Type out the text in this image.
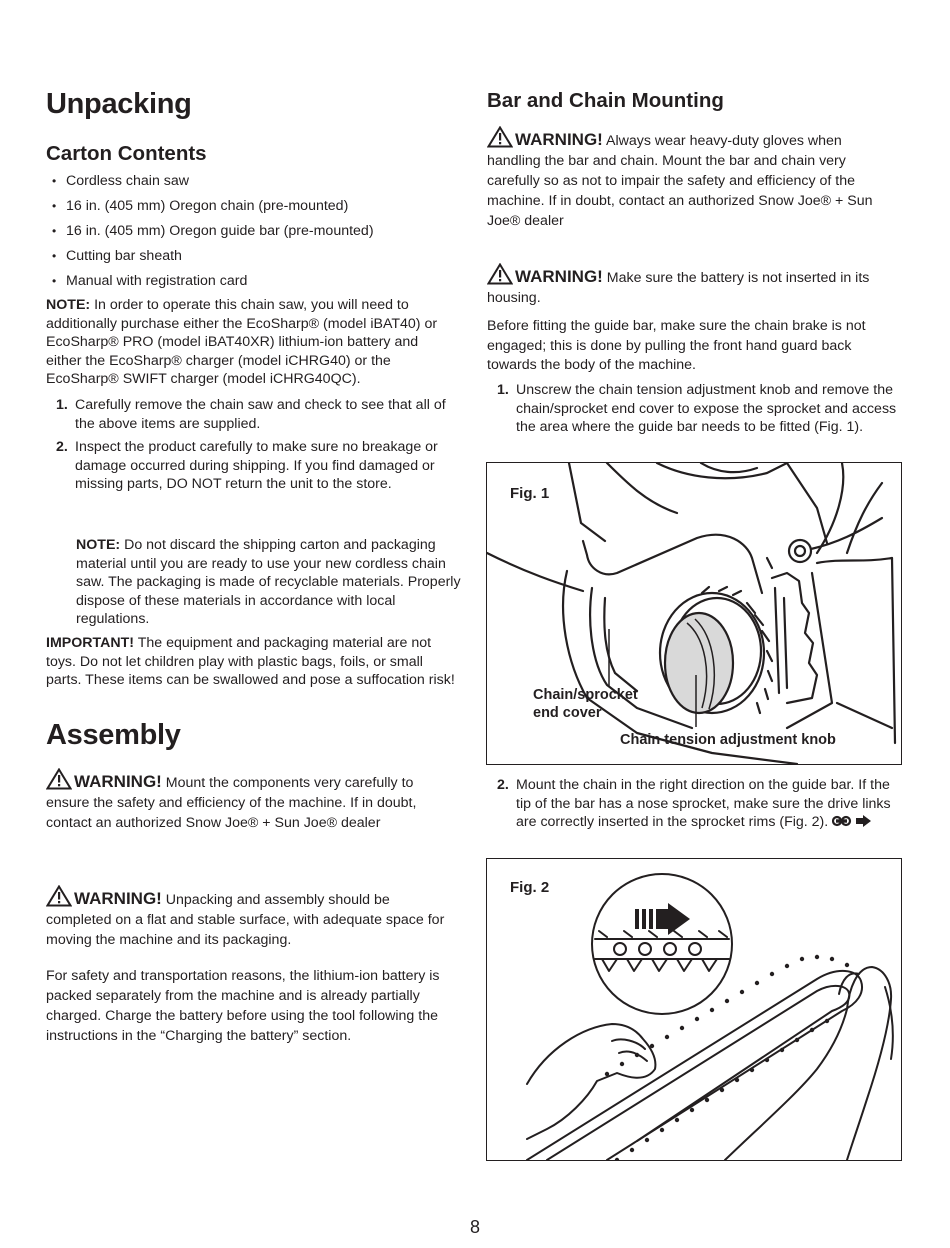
Unpacking
Carton Contents
• Cordless chain saw
• 16 in. (405 mm) Oregon chain (pre-mounted)
• 16 in. (405 mm) Oregon guide bar (pre-mounted)
• Cutting bar sheath
• Manual with registration card

NOTE: In order to operate this chain saw, you will need to additionally purchase either the EcoSharp® (model iBAT40) or EcoSharp® PRO (model iBAT40XR) lithium-ion battery and either the EcoSharp® charger (model iCHRG40) or the EcoSharp® SWIFT charger (model iCHRG40QC).

1. Carefully remove the chain saw and check to see that all of the above items are supplied.

2. Inspect the product carefully to make sure no breakage or damage occurred during shipping. If you find damaged or missing parts, DO NOT return the unit to the store.

NOTE: Do not discard the shipping carton and packaging material until you are ready to use your new cordless chain saw. The packaging is made of recyclable materials. Properly dispose of these materials in accordance with local regulations.

IMPORTANT! The equipment and packaging material are not toys. Do not let children play with plastic bags, foils, or small parts. These items can be swallowed and pose a suffocation risk!

Assembly

WARNING! Mount the components very carefully to ensure the safety and efficiency of the machine. If in doubt, contact an authorized Snow Joe® + Sun Joe® dealer

WARNING! Unpacking and assembly should be completed on a flat and stable surface, with adequate space for moving the machine and its packaging.

For safety and transportation reasons, the lithium-ion battery is packed separately from the machine and is already partially charged. Charge the battery before using the tool following the instructions in the “Charging the battery” section.

Bar and Chain Mounting

WARNING! Always wear heavy-duty gloves when handling the bar and chain. Mount the bar and chain very carefully so as not to impair the safety and efficiency of the machine. If in doubt, contact an authorized Snow Joe® + Sun Joe® dealer

WARNING! Make sure the battery is not inserted in its housing.

Before fitting the guide bar, make sure the chain brake is not engaged; this is done by pulling the front hand guard back towards the body of the machine.

1. Unscrew the chain tension adjustment knob and remove the chain/sprocket end cover to expose the sprocket and access the area where the guide bar needs to be fitted (Fig. 1).

Fig. 1
Chain/sprocket
end cover
Chain tension adjustment knob

2. Mount the chain in the right direction on the guide bar. If the tip of the bar has a nose sprocket, make sure the drive links are correctly inserted in the sprocket rims (Fig. 2).

Fig. 2
8
